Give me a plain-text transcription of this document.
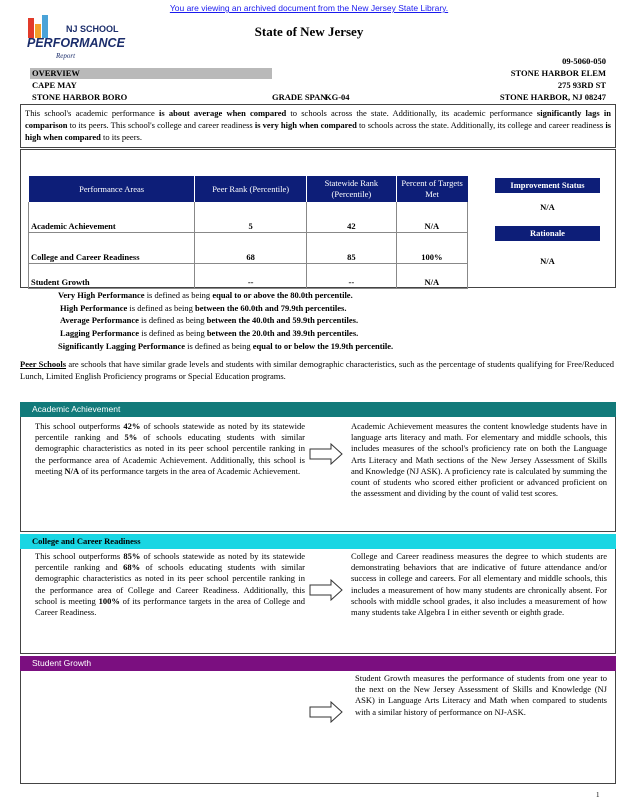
You are viewing an archived document from the New Jersey State Library.
NJ SCHOOL
PERFORMANCE
Report
State of New Jersey
OVERVIEW
CAPE MAY
STONE HARBOR BORO	GRADE SPAN
KG-04
09-5060-050
STONE HARBOR ELEM
275 93RD ST
STONE HARBOR, NJ 08247
This school's academic performance is about average when compared to schools across the state. Additionally, its academic performance significantly lags in comparison to its peers. This school's college and career readiness is very high when compared to schools across the state. Additionally, its college and career readiness is high when compared to its peers.
Performance Areas	Peer Rank (Percentile)	Statewide Rank (Percentile)	Percent of Targets Met
Academic Achievement	5	42	N/A
College and Career Readiness	68	85	100%
Student Growth	--	--	N/A
Improvement Status
N/A
Rationale
N/A
Very High Performance is defined as being equal to or above the 80.0th percentile.
High Performance is defined as being between the 60.0th and 79.9th percentiles.
Average Performance is defined as being between the 40.0th and 59.9th percentiles.
Lagging Performance is defined as being between the 20.0th and 39.9th percentiles.
Significantly Lagging Performance is defined as being equal to or below the 19.9th percentile.
Peer Schools are schools that have similar grade levels and students with similar demographic characteristics, such as the percentage of students qualifying for Free/Reduced Lunch, Limited English Proficiency programs or Special Education programs.
Academic Achievement
This school outperforms 42% of schools statewide as noted by its statewide percentile ranking and 5% of schools educating students with similar demographic characteristics as noted in its peer school percentile ranking in the performance area of Academic Achievement. Additionally, this school is meeting N/A of its performance targets in the area of Academic Achievement.
Academic Achievement measures the content knowledge students have in language arts literacy and math. For elementary and middle schools, this includes measures of the school's proficiency rate on both the Language Arts Literacy and Math sections of the New Jersey Assessment of Skills and Knowledge (NJ ASK). A proficiency rate is calculated by summing the count of students who scored either proficient or advanced proficient on the assessment and dividing by the count of valid test scores.
College and Career Readiness
This school outperforms 85% of schools statewide as noted by its statewide percentile ranking and 68% of schools educating students with similar demographic characteristics as noted in its peer school percentile ranking in the performance area of College and Career Readiness. Additionally, this school is meeting 100% of its performance targets in the area of College and Career Readiness.
College and Career readiness measures the degree to which students are demonstrating behaviors that are indicative of future attendance and/or success in college and careers. For all elementary and middle schools, this includes a measurement of how many students are chronically absent. For schools with middle school grades, it also includes a measurement of how many students take Algebra I in either seventh or eighth grade.
Student Growth
Student Growth measures the performance of students from one year to the next on the New Jersey Assessment of Skills and Knowledge (NJ ASK) in Language Arts Literacy and Math when compared to students with a similar history of performance on NJ-ASK.
1
